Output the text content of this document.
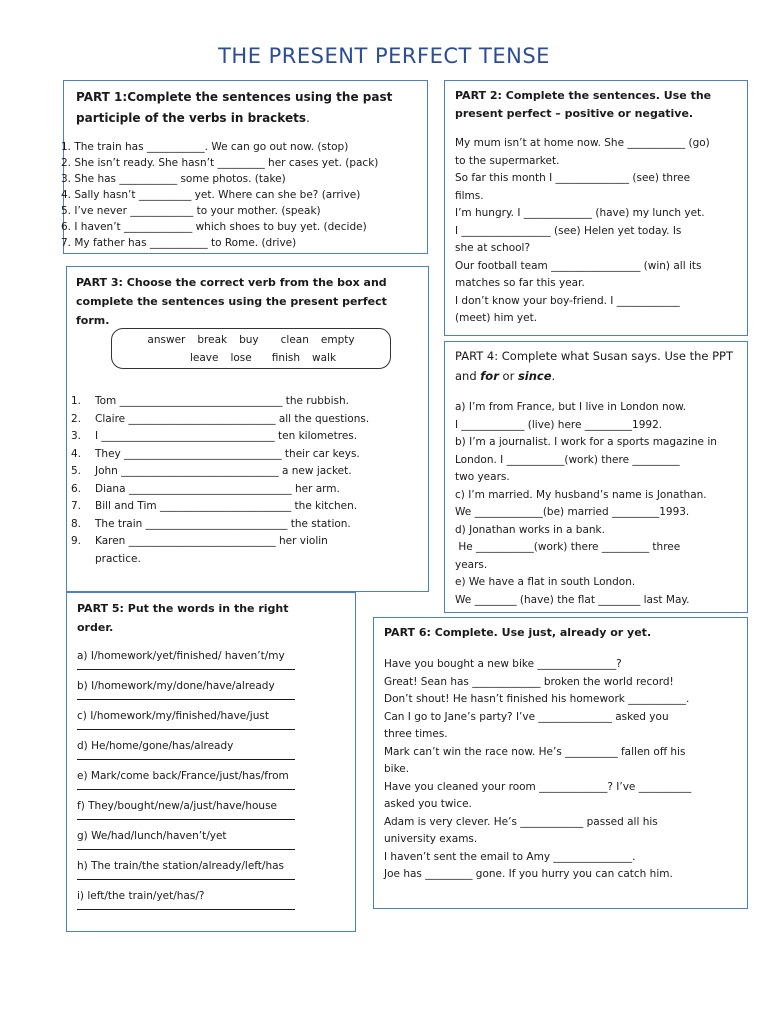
THE PRESENT PERFECT TENSE
PART 1:Complete the sentences using the past participle of the verbs in brackets.
1. The train has ___________. We can go out now. (stop)
2. She isn’t ready. She hasn’t _________ her cases yet. (pack)
3. She has ___________ some photos. (take)
4. Sally hasn’t __________ yet. Where can she be? (arrive)
5. I’ve never ____________ to your mother. (speak)
6. I haven’t _____________ which shoes to buy yet. (decide)
7. My father has ___________ to Rome. (drive)
PART 2: Complete the sentences. Use the present perfect – positive or negative.
My mum isn’t at home now. She ___________ (go)
to the supermarket.
So far this month I ______________ (see) three
films.
I’m hungry. I _____________ (have) my lunch yet.
I _________________ (see) Helen yet today. Is
she at school?
Our football team _________________ (win) all its
matches so far this year.
I don’t know your boy-friend. I ____________
(meet) him yet.
PART 3: Choose the correct verb from the box and complete the sentences using the present perfect form.
answer	break	buy	clean	empty
leave	lose	finish	walk
1.	Tom _______________________________ the rubbish.
2.	Claire ____________________________ all the questions.
3.	I _________________________________ ten kilometres.
4.	They ______________________________ their car keys.
5.	John ______________________________ a new jacket.
6.	Diana _______________________________ her arm.
7.	Bill and Tim _________________________ the kitchen.
8.	The train ___________________________ the station.
9.	Karen ____________________________ her violin practice.
PART 4: Complete what Susan says. Use the PPT and for or since.
a) I’m from France, but I live in London now.
I ____________ (live) here _________1992.
b) I’m a journalist. I work for a sports magazine in
London. I ___________(work) there _________
two years.
c) I’m married. My husband’s name is Jonathan.
We _____________(be) married _________1993.
d) Jonathan works in a bank.
He ___________(work) there _________ three
years.
e) We have a flat in south London.
We ________ (have) the flat ________ last May.
PART 5: Put the words in the right order.
a) I/homework/yet/finished/ haven’t/my
b) I/homework/my/done/have/already
c) I/homework/my/finished/have/just
d) He/home/gone/has/already
e) Mark/come back/France/just/has/from
f) They/bought/new/a/just/have/house
g) We/had/lunch/haven’t/yet
h) The train/the station/already/left/has
i) left/the train/yet/has/?
PART 6: Complete. Use just, already or yet.
Have you bought a new bike _______________?
Great! Sean has _____________ broken the world record!
Don’t shout! He hasn’t finished his homework ___________.
Can I go to Jane’s party? I’ve ______________ asked you
three times.
Mark can’t win the race now. He’s __________ fallen off his
bike.
Have you cleaned your room _____________? I’ve __________
asked you twice.
Adam is very clever. He’s ____________ passed all his
university exams.
I haven’t sent the email to Amy _______________.
Joe has _________ gone. If you hurry you can catch him.
